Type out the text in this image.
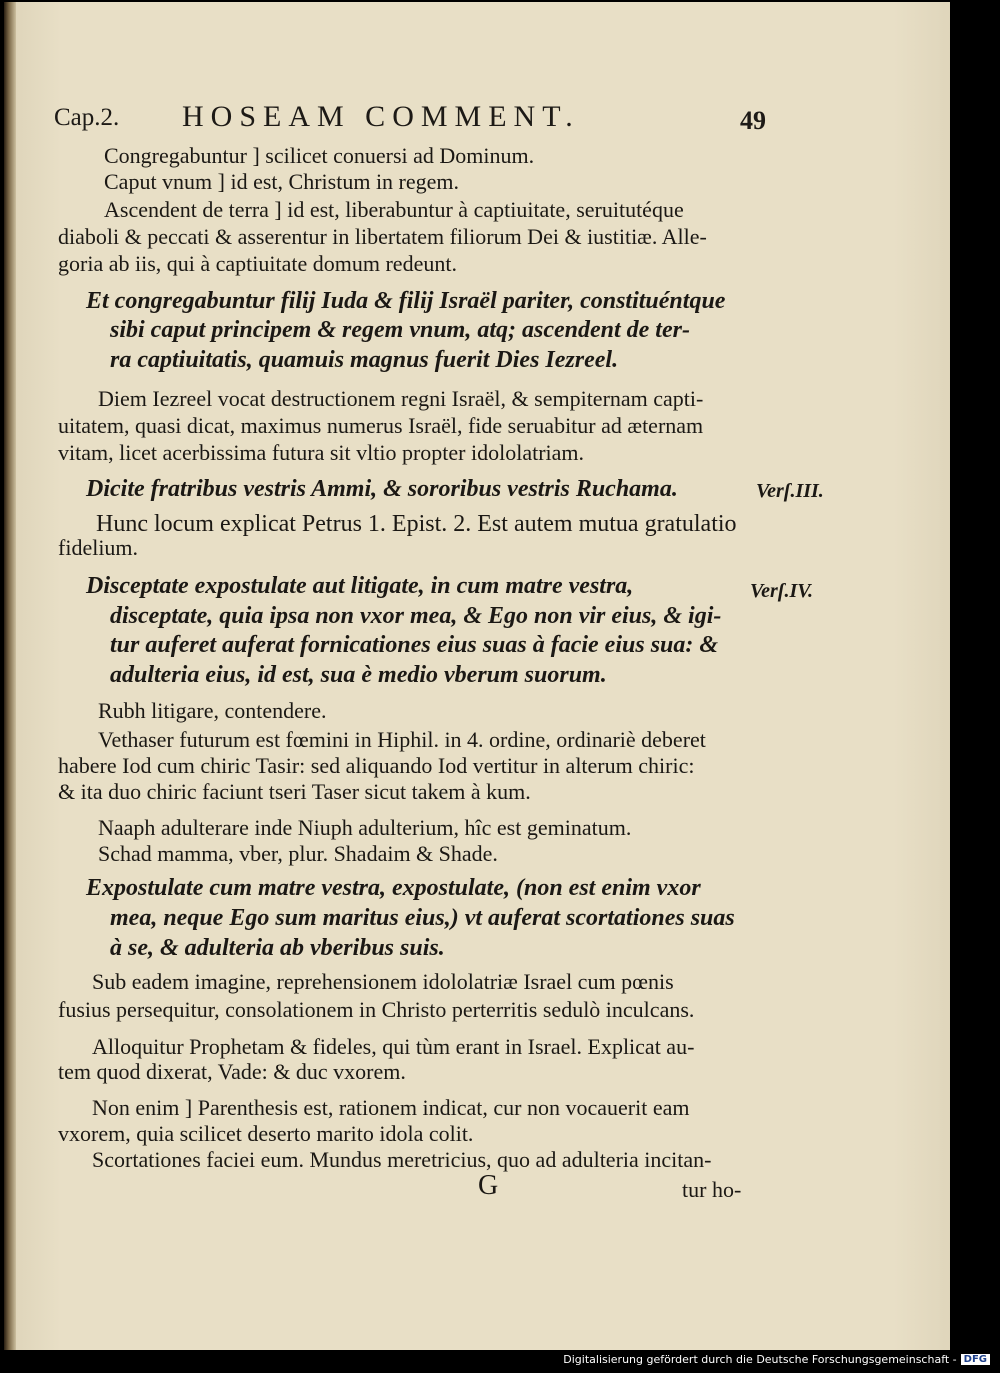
Cap.2. HOSEAM COMMENT.	49
Congregabuntur ] scilicet conuersi ad Dominum.
Caput vnum ] id est, Christum in regem.
Ascendent de terra ] id est, liberabuntur à captiuitate, seruitutéque
diaboli & peccati & asserentur in libertatem filiorum Dei & iustitiæ. Alle-
goria ab iis, qui à captiuitate domum redeunt.
Et congregabuntur filij Iuda & filij Israël pariter, constituéntque
sibi caput principem & regem vnum, atq; ascendent de ter-
ra captiuitatis, quamuis magnus fuerit Dies Iezreel.
Diem Iezreel vocat destructionem regni Israël, & sempiternam capti-
uitatem, quasi dicat, maximus numerus Israël, fide seruabitur ad æternam
vitam, licet acerbissima futura sit vltio propter idololatriam.
Dicite fratribus vestris Ammi, & sororibus vestris Ruchama.
Hunc locum explicat Petrus 1. Epist. 2. Est autem mutua gratulatio
fidelium.
Disceptate expostulate aut litigate, in cum matre vestra,
disceptate, quia ipsa non vxor mea, & Ego non vir eius, & igi-
tur auferet auferat fornicationes eius suas à facie eius sua: &
adulteria eius, id est, sua è medio vberum suorum.
Rubh litigare, contendere.
Vethaser futurum est fœmini in Hiphil. in 4. ordine, ordinariè deberet
habere Iod cum chiric Tasir: sed aliquando Iod vertitur in alterum chiric:
& ita duo chiric faciunt tseri Taser sicut takem à kum.
Naaph adulterare inde Niuph adulterium, hîc est geminatum.
Schad mamma, vber, plur. Shadaim & Shade.
Expostulate cum matre vestra, expostulate, (non est enim vxor
mea, neque Ego sum maritus eius,) vt auferat scortationes suas
à se, & adulteria ab vberibus suis.
Sub eadem imagine, reprehensionem idololatriæ Israel cum pœnis
fusius persequitur, consolationem in Christo perterritis sedulò inculcans.
Alloquitur Prophetam & fideles, qui tùm erant in Israel. Explicat au-
tem quod dixerat, Vade: & duc vxorem.
Non enim ] Parenthesis est, rationem indicat, cur non vocauerit eam
vxorem, quia scilicet deserto marito idola colit.
Scortationes faciei eum. Mundus meretricius, quo ad adulteria incitan-
tur ho-
Verſ.III.
Verſ.IV.
G
Digitalisierung gefördert durch die Deutsche Forschungsgemeinschaft - DFG
